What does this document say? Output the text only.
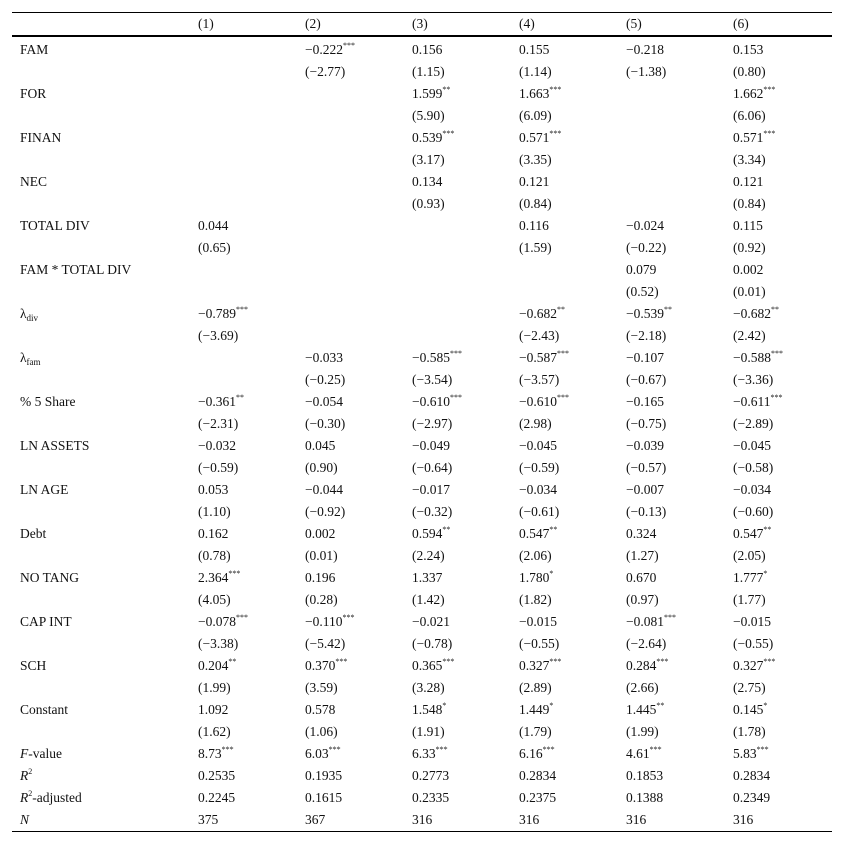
	(1)	(2)	(3)	(4)	(5)	(6)
FAM		−0.222***	0.156	0.155	−0.218	0.153
		(−2.77)	(1.15)	(1.14)	(−1.38)	(0.80)
FOR			1.599**	1.663***		1.662***
			(5.90)	(6.09)		(6.06)
FINAN			0.539***	0.571***		0.571***
			(3.17)	(3.35)		(3.34)
NEC			0.134	0.121		0.121
			(0.93)	(0.84)		(0.84)
TOTAL DIV	0.044			0.116	−0.024	0.115
	(0.65)			(1.59)	(−0.22)	(0.92)
FAM * TOTAL DIV					0.079	0.002
					(0.52)	(0.01)
$\lambda_{div}$	−0.789***			−0.682**	−0.539**	−0.682**
	(−3.69)			(−2.43)	(−2.18)	(2.42)
$\lambda_{fam}$		−0.033	−0.585***	−0.587***	−0.107	−0.588***
		(−0.25)	(−3.54)	(−3.57)	(−0.67)	(−3.36)
% 5 Share	−0.361**	−0.054	−0.610***	−0.610***	−0.165	−0.611***
	(−2.31)	(−0.30)	(−2.97)	(2.98)	(−0.75)	(−2.89)
LN ASSETS	−0.032	0.045	−0.049	−0.045	−0.039	−0.045
	(−0.59)	(0.90)	(−0.64)	(−0.59)	(−0.57)	(−0.58)
LN AGE	0.053	−0.044	−0.017	−0.034	−0.007	−0.034
	(1.10)	(−0.92)	(−0.32)	(−0.61)	(−0.13)	(−0.60)
Debt	0.162	0.002	0.594**	0.547**	0.324	0.547**
	(0.78)	(0.01)	(2.24)	(2.06)	(1.27)	(2.05)
NO TANG	2.364***	0.196	1.337	1.780*	0.670	1.777*
	(4.05)	(0.28)	(1.42)	(1.82)	(0.97)	(1.77)
CAP INT	−0.078***	−0.110***	−0.021	−0.015	−0.081***	−0.015
	(−3.38)	(−5.42)	(−0.78)	(−0.55)	(−2.64)	(−0.55)
SCH	0.204**	0.370***	0.365***	0.327***	0.284***	0.327***
	(1.99)	(3.59)	(3.28)	(2.89)	(2.66)	(2.75)
Constant	1.092	0.578	1.548*	1.449*	1.445**	0.145*
	(1.62)	(1.06)	(1.91)	(1.79)	(1.99)	(1.78)
F-value	8.73***	6.03***	6.33***	6.16***	4.61***	5.83***
$R^2$	0.2535	0.1935	0.2773	0.2834	0.1853	0.2834
$R^2$-adjusted	0.2245	0.1615	0.2335	0.2375	0.1388	0.2349
N	375	367	316	316	316	316
